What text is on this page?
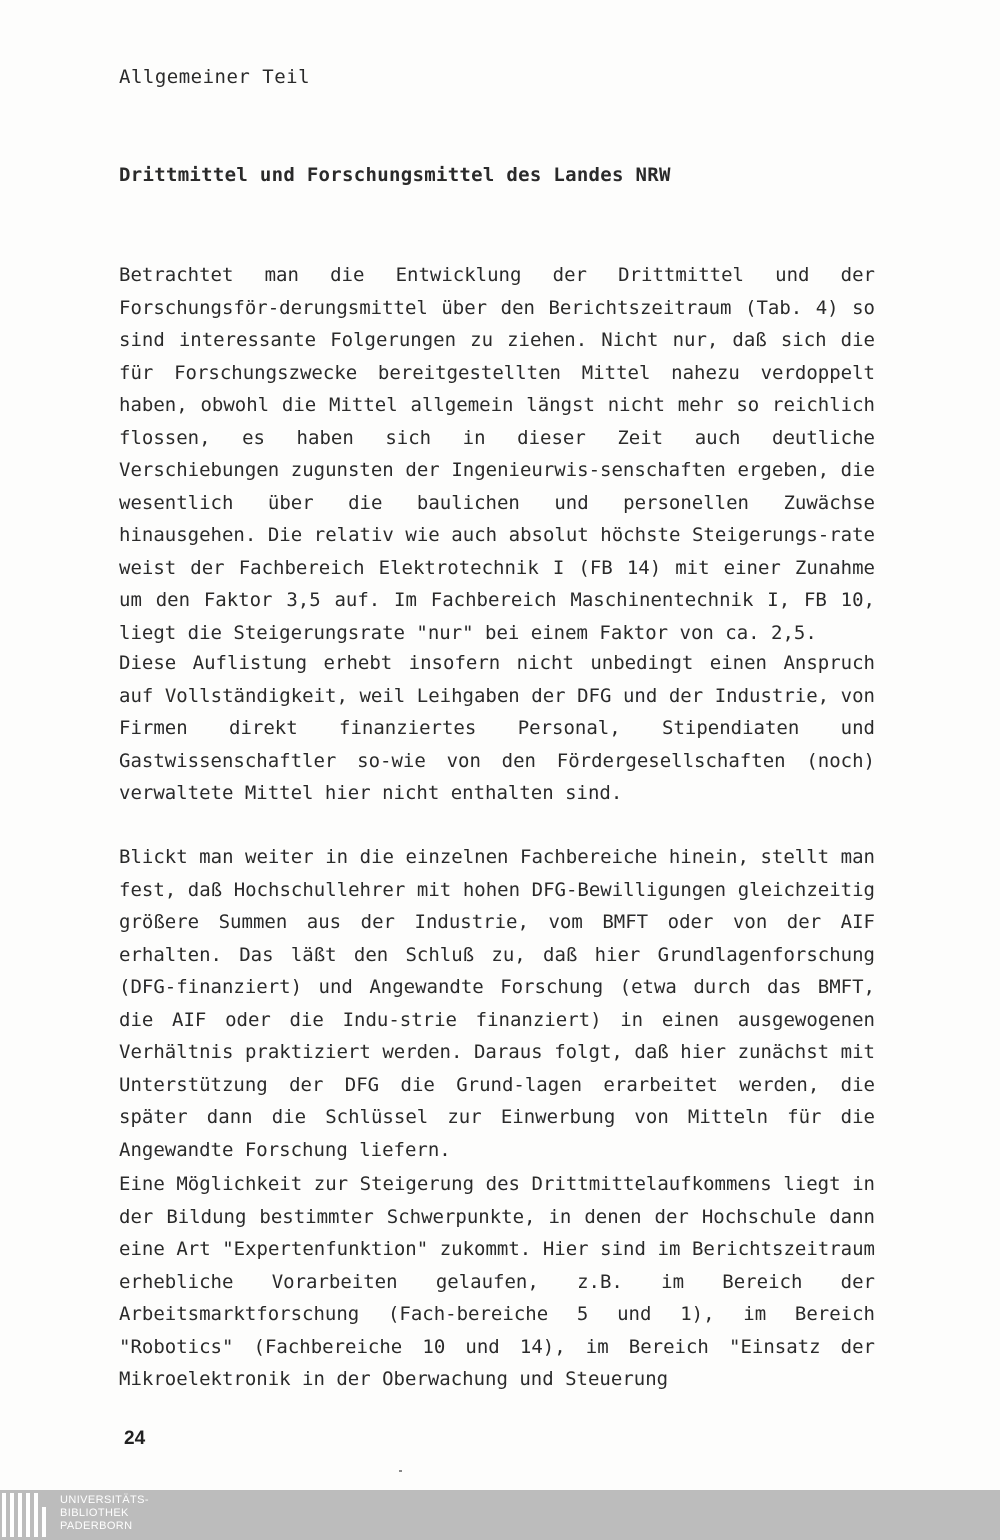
Allgemeiner Teil
Drittmittel und Forschungsmittel des Landes NRW

Betrachtet man die Entwicklung der Drittmittel und der Forschungsför-derungsmittel über den Berichtszeitraum (Tab. 4) so sind interessante Folgerungen zu ziehen. Nicht nur, daß sich die für Forschungszwecke bereitgestellten Mittel nahezu verdoppelt haben, obwohl die Mittel allgemein längst nicht mehr so reichlich flossen, es haben sich in dieser Zeit auch deutliche Verschiebungen zugunsten der Ingenieurwis-senschaften ergeben, die wesentlich über die baulichen und personellen Zuwächse hinausgehen. Die relativ wie auch absolut höchste Steigerungs-rate weist der Fachbereich Elektrotechnik I (FB 14) mit einer Zunahme um den Faktor 3,5 auf. Im Fachbereich Maschinentechnik I, FB 10, liegt die Steigerungsrate "nur" bei einem Faktor von ca. 2,5.

Diese Auflistung erhebt insofern nicht unbedingt einen Anspruch auf Vollständigkeit, weil Leihgaben der DFG und der Industrie, von Firmen direkt finanziertes Personal, Stipendiaten und Gastwissenschaftler so-wie von den Fördergesellschaften (noch) verwaltete Mittel hier nicht enthalten sind.

Blickt man weiter in die einzelnen Fachbereiche hinein, stellt man fest, daß Hochschullehrer mit hohen DFG-Bewilligungen gleichzeitig größere Summen aus der Industrie, vom BMFT oder von der AIF erhalten. Das läßt den Schluß zu, daß hier Grundlagenforschung (DFG-finanziert) und Angewandte Forschung (etwa durch das BMFT, die AIF oder die Indu-strie finanziert) in einen ausgewogenen Verhältnis praktiziert werden. Daraus folgt, daß hier zunächst mit Unterstützung der DFG die Grund-lagen erarbeitet werden, die später dann die Schlüssel zur Einwerbung von Mitteln für die Angewandte Forschung liefern.

Eine Möglichkeit zur Steigerung des Drittmittelaufkommens liegt in der Bildung bestimmter Schwerpunkte, in denen der Hochschule dann eine Art "Expertenfunktion" zukommt. Hier sind im Berichtszeitraum erhebliche Vorarbeiten gelaufen, z.B. im Bereich der Arbeitsmarktforschung (Fach-bereiche 5 und 1), im Bereich "Robotics" (Fachbereiche 10 und 14), im Bereich "Einsatz der Mikroelektronik in der Oberwachung und Steuerung

24
UNIVERSITÄTS-
BIBLIOTHEK
PADERBORN
